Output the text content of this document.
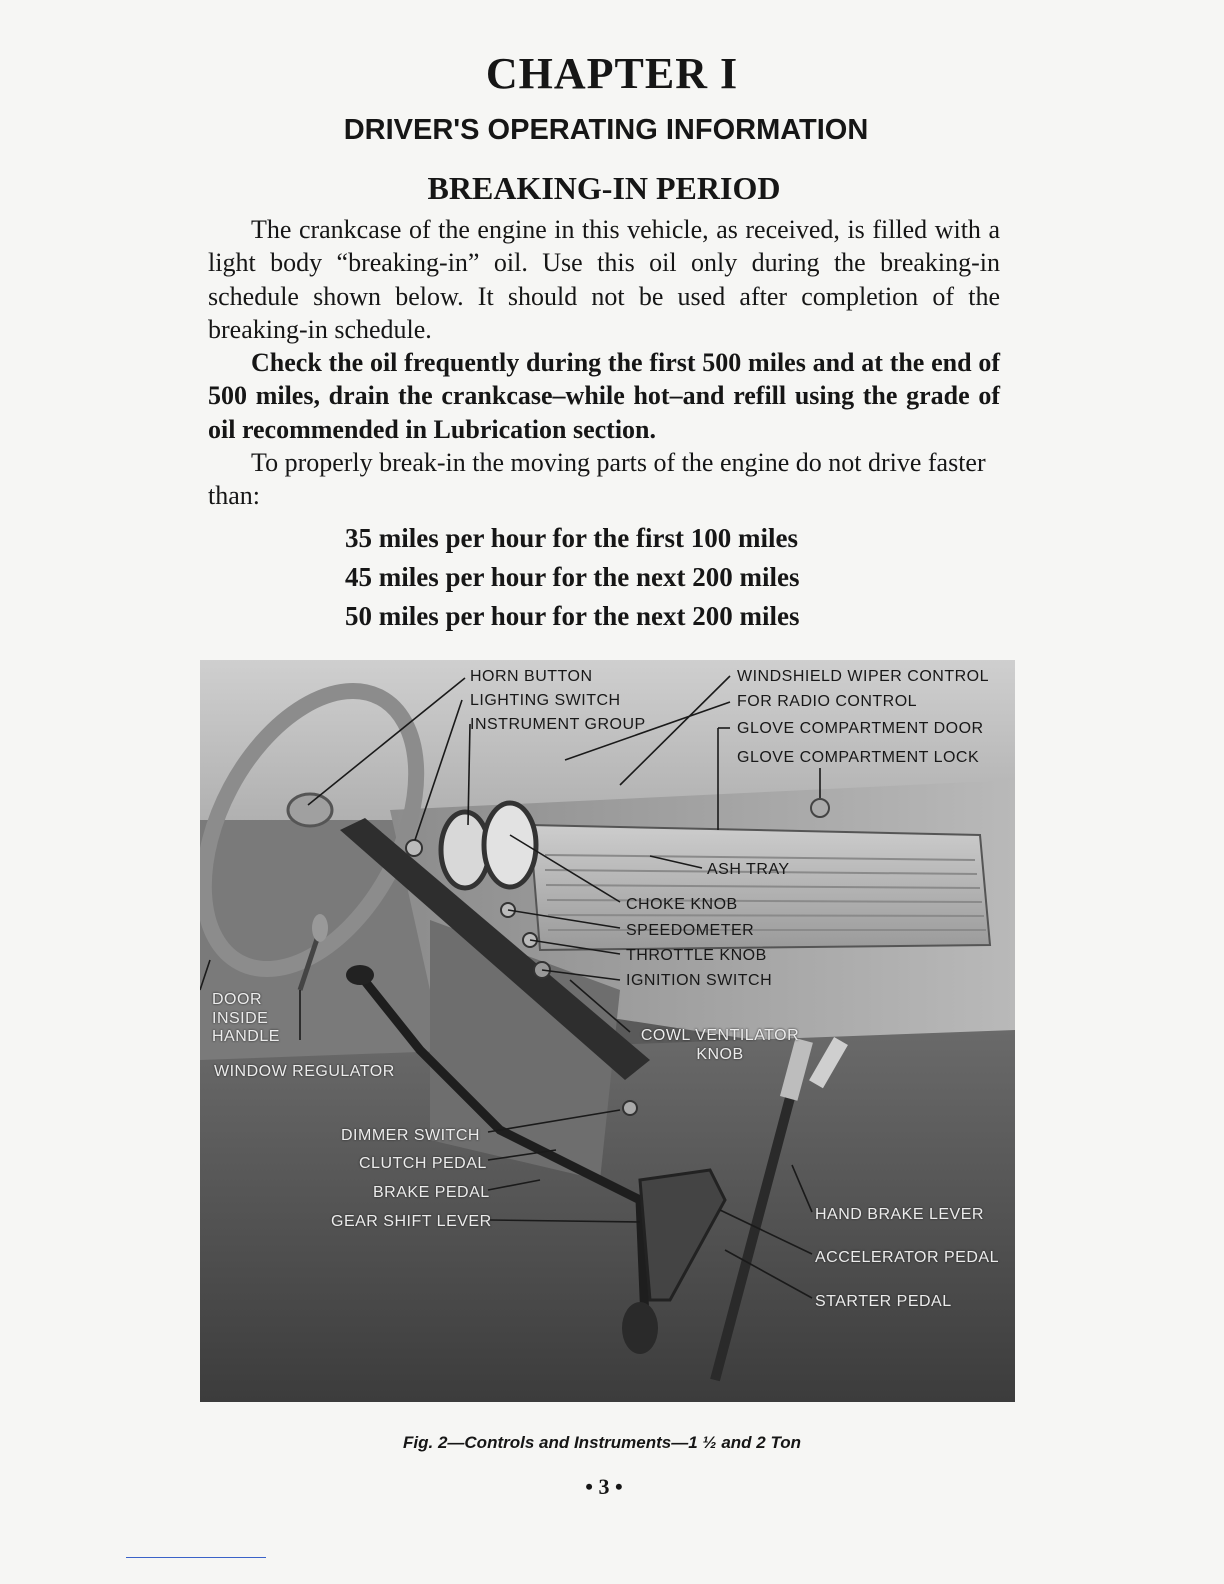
CHAPTER I
DRIVER'S OPERATING INFORMATION
BREAKING-IN PERIOD

The crankcase of the engine in this vehicle, as received, is filled with a light body “breaking-in” oil. Use this oil only during the breaking-in schedule shown below. It should not be used after completion of the breaking-in schedule.

Check the oil frequently during the first 500 miles and at the end of 500 miles, drain the crankcase–while hot–and refill using the grade of oil recommended in Lubrication section.

To properly break-in the moving parts of the engine do not drive faster than:

35 miles per hour for the first 100 miles

45 miles per hour for the next 200 miles

50 miles per hour for the next 200 miles

HORN BUTTON
LIGHTING SWITCH
INSTRUMENT GROUP
WINDSHIELD WIPER CONTROL
FOR RADIO CONTROL
GLOVE COMPARTMENT DOOR
GLOVE COMPARTMENT LOCK
ASH TRAY
CHOKE KNOB
SPEEDOMETER
THROTTLE KNOB
IGNITION SWITCH
DOOR
INSIDE
HANDLE	COWL VENTILATOR
KNOB
WINDOW REGULATOR
DIMMER SWITCH
CLUTCH PEDAL
BRAKE PEDAL
GEAR SHIFT LEVER	HAND BRAKE LEVER
ACCELERATOR PEDAL
STARTER PEDAL
Fig. 2—Controls and Instruments—1 ½ and 2 Ton
• 3 •
